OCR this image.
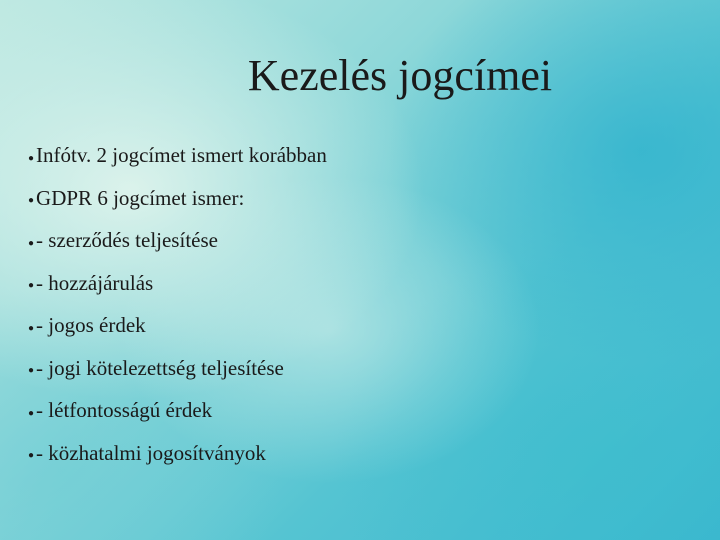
Kezelés jogcímei
●Infótv. 2 jogcímet ismert korábban
●GDPR 6 jogcímet ismer:
●- szerződés teljesítése
●- hozzájárulás
●- jogos érdek
●- jogi kötelezettség teljesítése
●- létfontosságú érdek
●- közhatalmi jogosítványok
